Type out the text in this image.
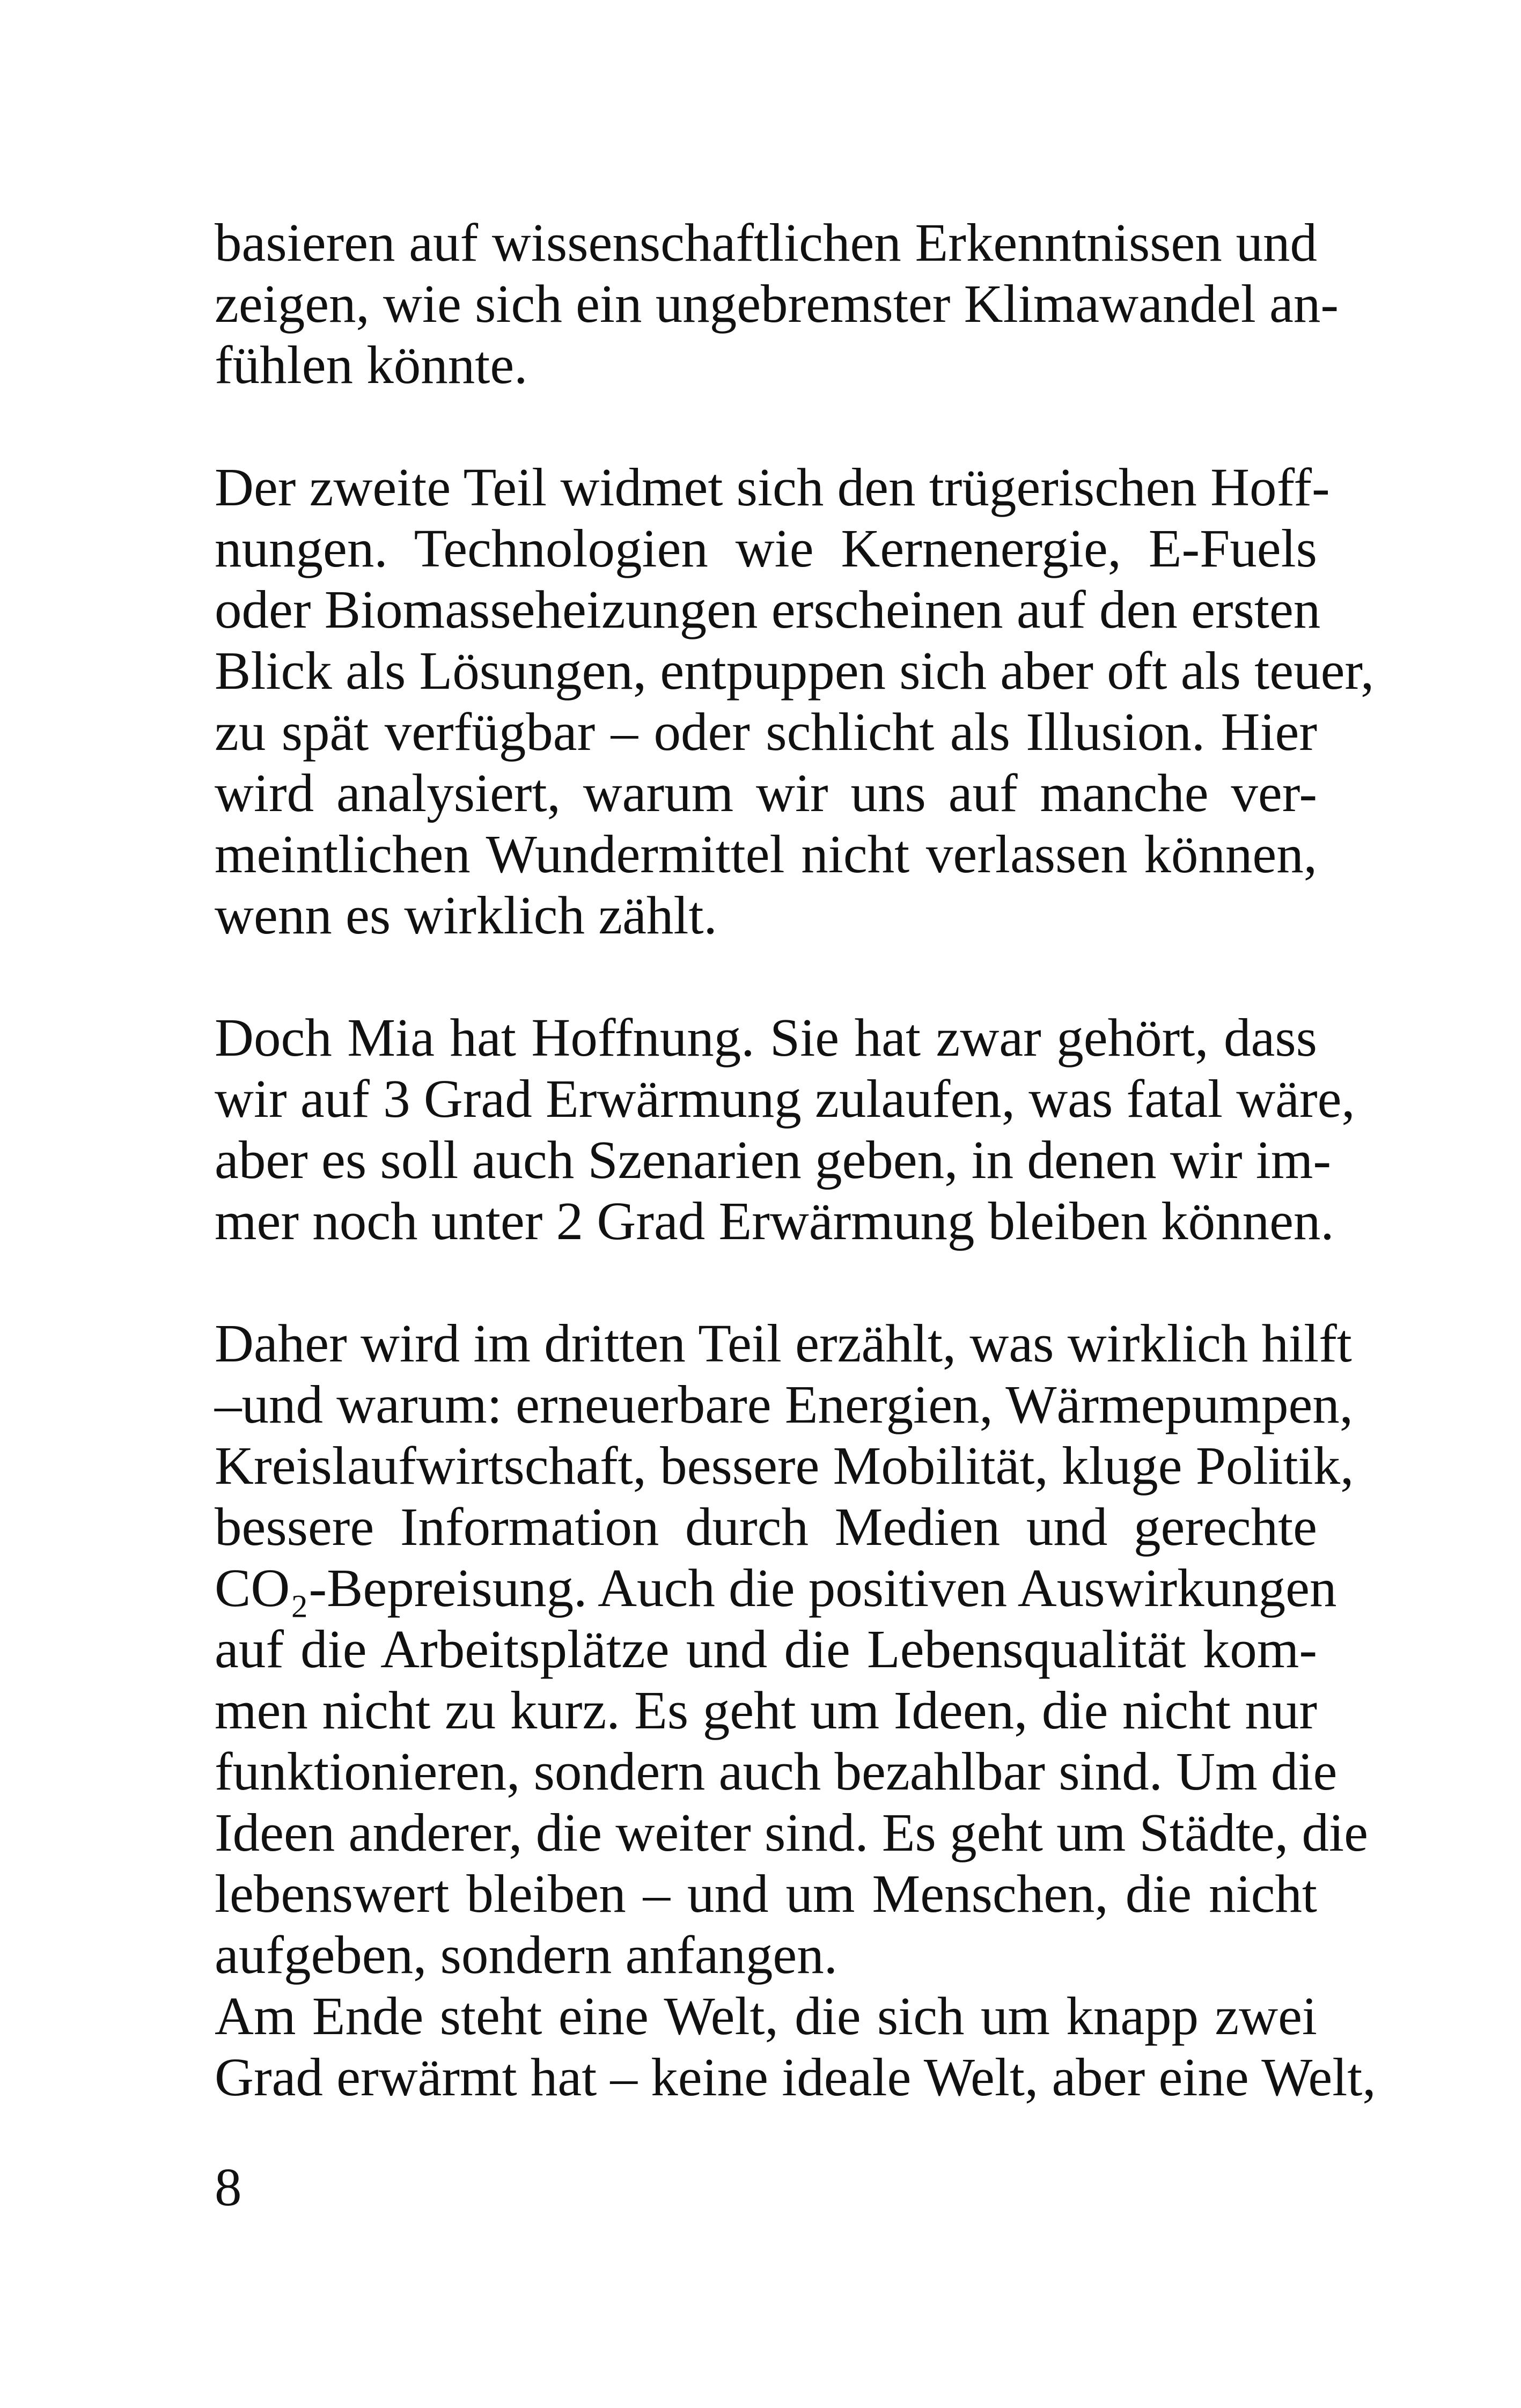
basieren auf wissenschaftlichen Erkenntnissen und
zeigen, wie sich ein ungebremster Klimawandel an-
fühlen könnte.

Der zweite Teil widmet sich den trügerischen Hoff-
nungen. Technologien wie Kernenergie, E-Fuels
oder Biomasseheizungen erscheinen auf den ersten
Blick als Lösungen, entpuppen sich aber oft als teuer,
zu spät verfügbar – oder schlicht als Illusion. Hier
wird analysiert, warum wir uns auf manche ver-
meintlichen Wundermittel nicht verlassen können,
wenn es wirklich zählt.

Doch Mia hat Hoffnung. Sie hat zwar gehört, dass
wir auf 3 Grad Erwärmung zulaufen, was fatal wäre,
aber es soll auch Szenarien geben, in denen wir im-
mer noch unter 2 Grad Erwärmung bleiben können.

Daher wird im dritten Teil erzählt, was wirklich hilft
–und warum: erneuerbare Energien, Wärmepumpen,
Kreislaufwirtschaft, bessere Mobilität, kluge Politik,
bessere Information durch Medien und gerechte
CO₂-Bepreisung. Auch die positiven Auswirkungen
auf die Arbeitsplätze und die Lebensqualität kom-
men nicht zu kurz. Es geht um Ideen, die nicht nur
funktionieren, sondern auch bezahlbar sind. Um die
Ideen anderer, die weiter sind. Es geht um Städte, die
lebenswert bleiben – und um Menschen, die nicht
aufgeben, sondern anfangen.

Am Ende steht eine Welt, die sich um knapp zwei
Grad erwärmt hat – keine ideale Welt, aber eine Welt,

8
